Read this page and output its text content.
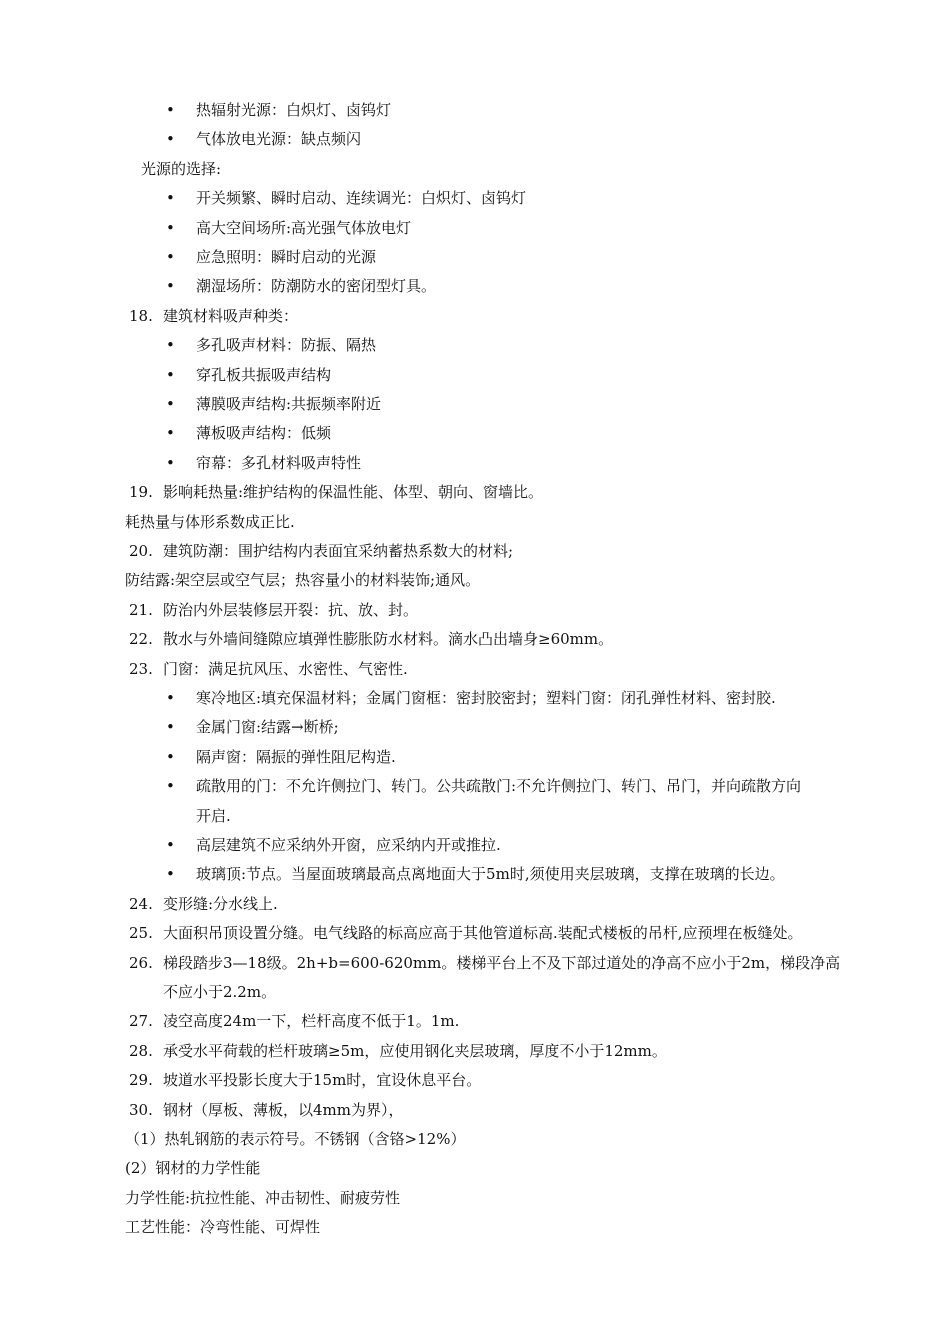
• 热辐射光源：白炽灯、卤钨灯
• 气体放电光源：缺点频闪
光源的选择:
• 开关频繁、瞬时启动、连续调光：白炽灯、卤钨灯
• 高大空间场所:高光强气体放电灯
• 应急照明：瞬时启动的光源
• 潮湿场所：防潮防水的密闭型灯具。
18. 建筑材料吸声种类：
• 多孔吸声材料：防振、隔热
• 穿孔板共振吸声结构
• 薄膜吸声结构:共振频率附近
• 薄板吸声结构：低频
• 帘幕：多孔材料吸声特性
19. 影响耗热量:维护结构的保温性能、体型、朝向、窗墙比。
耗热量与体形系数成正比.
20. 建筑防潮：围护结构内表面宜采纳蓄热系数大的材料;
防结露:架空层或空气层；热容量小的材料装饰;通风。
21. 防治内外层装修层开裂：抗、放、封。
22. 散水与外墙间缝隙应填弹性膨胀防水材料。滴水凸出墙身≥60mm。
23. 门窗：满足抗风压、水密性、气密性.
• 寒冷地区:填充保温材料；金属门窗框：密封胶密封；塑料门窗：闭孔弹性材料、密封胶.
• 金属门窗:结露→断桥;
• 隔声窗：隔振的弹性阻尼构造.
• 疏散用的门：不允许侧拉门、转门。公共疏散门:不允许侧拉门、转门、吊门，并向疏散方向
开启.
• 高层建筑不应采纳外开窗，应采纳内开或推拉.
• 玻璃顶:节点。当屋面玻璃最高点离地面大于5m时,须使用夹层玻璃，支撑在玻璃的长边。
24. 变形缝:分水线上.
25. 大面积吊顶设置分缝。电气线路的标高应高于其他管道标高.装配式楼板的吊杆,应预埋在板缝处。
26. 梯段踏步3—18级。2h+b=600-620mm。楼梯平台上不及下部过道处的净高不应小于2m，梯段净高
不应小于2.2m。
27. 凌空高度24m一下，栏杆高度不低于1。1m.
28. 承受水平荷载的栏杆玻璃≥5m，应使用钢化夹层玻璃，厚度不小于12mm。
29. 坡道水平投影长度大于15m时，宜设休息平台。
30. 钢材（厚板、薄板，以4mm为界），
（1）热轧钢筋的表示符号。不锈钢（含铬>12%）
(2）钢材的力学性能
力学性能:抗拉性能、冲击韧性、耐疲劳性
工艺性能：冷弯性能、可焊性
